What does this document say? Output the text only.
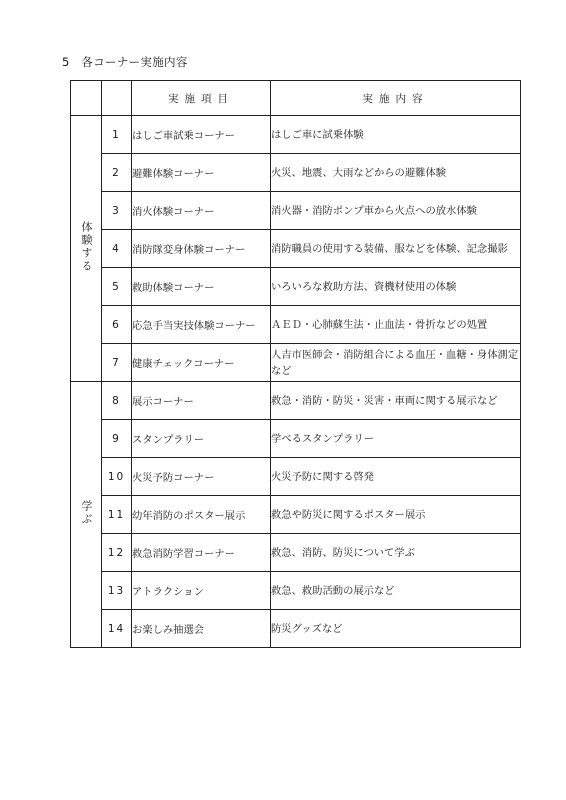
5　各コーナー実施内容
		実施項目	実施内容
体験する	1	はしご車試乗コーナー	はしご車に試乗体験
	2	避難体験コーナー	火災、地震、大雨などからの避難体験
	3	消火体験コーナー	消火器・消防ポンプ車から火点への放水体験
	4	消防隊変身体験コーナー	消防職員の使用する装備、服などを体験、記念撮影
	5	救助体験コーナー	いろいろな救助方法、資機材使用の体験
	6	応急手当実技体験コーナー	ＡＥＤ・心肺蘇生法・止血法・骨折などの処置
	7	健康チェックコーナー	人吉市医師会・消防組合による血圧・血糖・身体測定など
学ぶ	8	展示コーナー	救急・消防・防災・災害・車両に関する展示など
	9	スタンプラリー	学べるスタンプラリー
	10	火災予防コーナー	火災予防に関する啓発
	11	幼年消防のポスター展示	救急や防災に関するポスター展示
	12	救急消防学習コーナー	救急、消防、防災について学ぶ
	13	アトラクション	救急、救助活動の展示など
	14	お楽しみ抽選会	防災グッズなど
